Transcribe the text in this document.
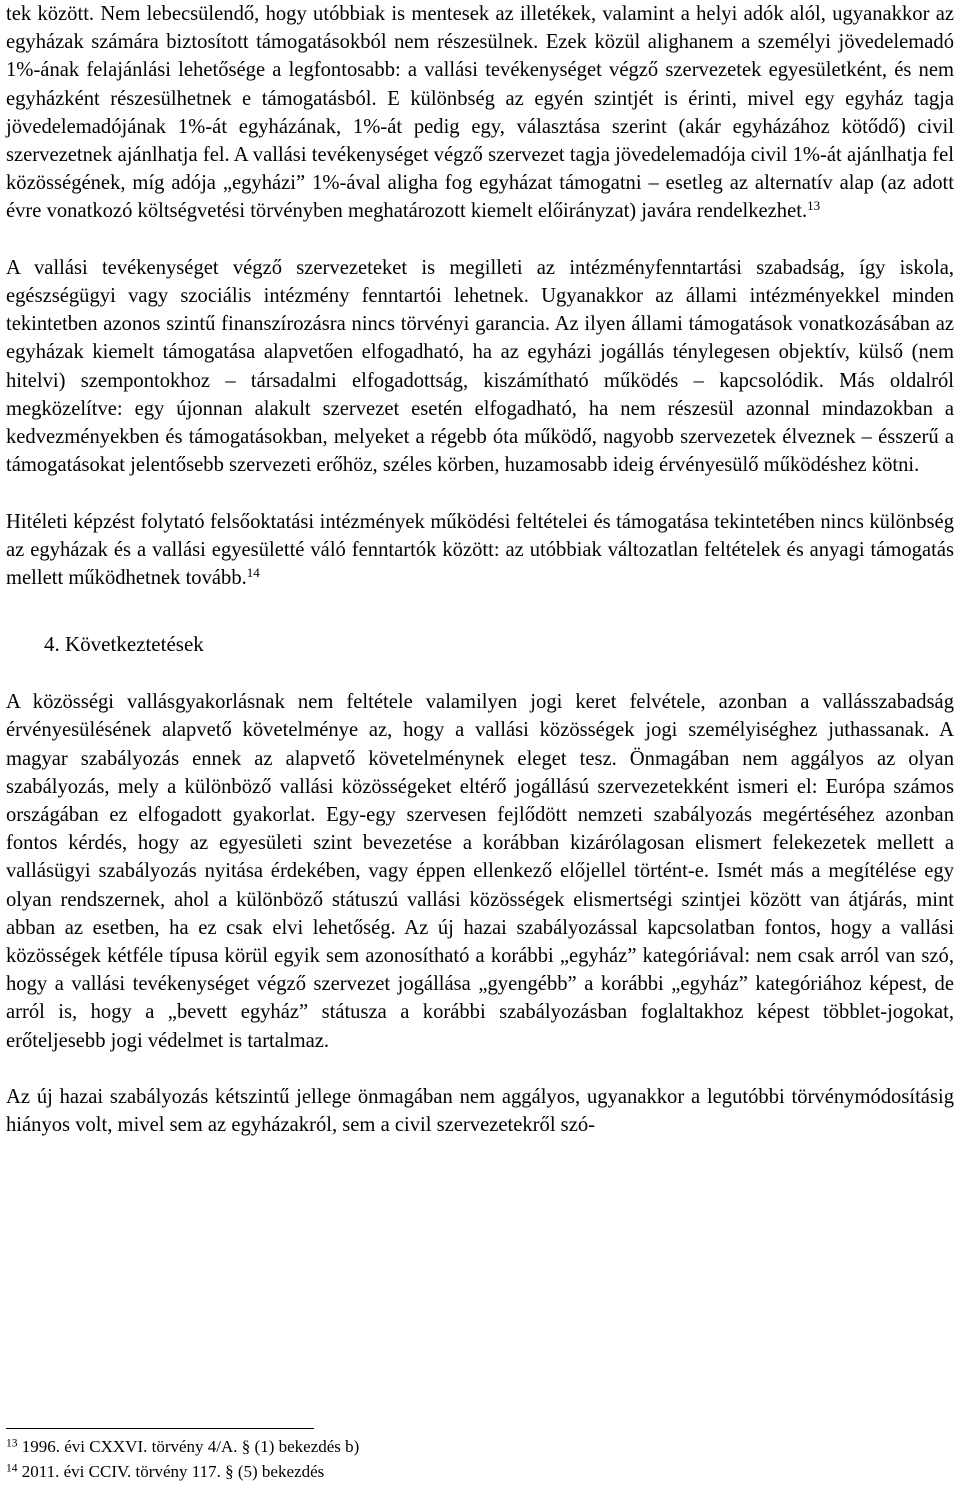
tek között. Nem lebecsülendő, hogy utóbbiak is mentesek az illetékek, valamint a helyi adók alól, ugyanakkor az egyházak számára biztosított támogatásokból nem részesülnek. Ezek közül alighanem a személyi jövedelemadó 1%-ának felajánlási lehetősége a legfontosabb: a vallási tevékenységet végző szervezetek egyesületként, és nem egyházként részesülhetnek e támogatásból. E különbség az egyén szintjét is érinti, mivel egy egyház tagja jövedelemadójának 1%-át egyházának, 1%-át pedig egy, választása szerint (akár egyházához kötődő) civil szervezetnek ajánlhatja fel. A vallási tevékenységet végző szervezet tagja jövedelemadója civil 1%-át ajánlhatja fel közösségének, míg adója „egyházi” 1%-ával aligha fog egyházat támogatni – esetleg az alternatív alap (az adott évre vonatkozó költségvetési törvényben meghatározott kiemelt előirányzat) javára rendelkezhet.$^{13}$

A vallási tevékenységet végző szervezeteket is megilleti az intézményfenntartási szabadság, így iskola, egészségügyi vagy szociális intézmény fenntartói lehetnek. Ugyanakkor az állami intézményekkel minden tekintetben azonos szintű finanszírozásra nincs törvényi garancia. Az ilyen állami támogatások vonatkozásában az egyházak kiemelt támogatása alapvetően elfogadható, ha az egyházi jogállás ténylegesen objektív, külső (nem hitelvi) szempontokhoz – társadalmi elfogadottság, kiszámítható működés – kapcsolódik. Más oldalról megközelítve: egy újonnan alakult szervezet esetén elfogadható, ha nem részesül azonnal mindazokban a kedvezményekben és támogatásokban, melyeket a régebb óta működő, nagyobb szervezetek élveznek – ésszerű a támogatásokat jelentősebb szervezeti erőhöz, széles körben, huzamosabb ideig érvényesülő működéshez kötni.

Hitéleti képzést folytató felsőoktatási intézmények működési feltételei és támogatása tekintetében nincs különbség az egyházak és a vallási egyesületté váló fenntartók között: az utóbbiak változatlan feltételek és anyagi támogatás mellett működhetnek tovább.$^{14}$

4. Következtetések

A közösségi vallásgyakorlásnak nem feltétele valamilyen jogi keret felvétele, azonban a vallásszabadság érvényesülésének alapvető követelménye az, hogy a vallási közösségek jogi személyiséghez juthassanak. A magyar szabályozás ennek az alapvető követelménynek eleget tesz. Önmagában nem aggályos az olyan szabályozás, mely a különböző vallási közösségeket eltérő jogállású szervezetekként ismeri el: Európa számos országában ez elfogadott gyakorlat. Egy-egy szervesen fejlődött nemzeti szabályozás megértéséhez azonban fontos kérdés, hogy az egyesületi szint bevezetése a korábban kizárólagosan elismert felekezetek mellett a vallásügyi szabályozás nyitása érdekében, vagy éppen ellenkező előjellel történt-e. Ismét más a megítélése egy olyan rendszernek, ahol a különböző státuszú vallási közösségek elismertségi szintjei között van átjárás, mint abban az esetben, ha ez csak elvi lehetőség. Az új hazai szabályozással kapcsolatban fontos, hogy a vallási közösségek kétféle típusa körül egyik sem azonosítható a korábbi „egyház” kategóriával: nem csak arról van szó, hogy a vallási tevékenységet végző szervezet jogállása „gyengébb” a korábbi „egyház” kategóriához képest, de arról is, hogy a „bevett egyház” státusza a korábbi szabályozásban foglaltakhoz képest többlet-jogokat, erőteljesebb jogi védelmet is tartalmaz.

Az új hazai szabályozás kétszintű jellege önmagában nem aggályos, ugyanakkor a legutóbbi törvénymódosításig hiányos volt, mivel sem az egyházakról, sem a civil szervezetekről szó-

$^{13}$ 1996. évi CXXVI. törvény 4/A. § (1) bekezdés b)
$^{14}$ 2011. évi CCIV. törvény 117. § (5) bekezdés
